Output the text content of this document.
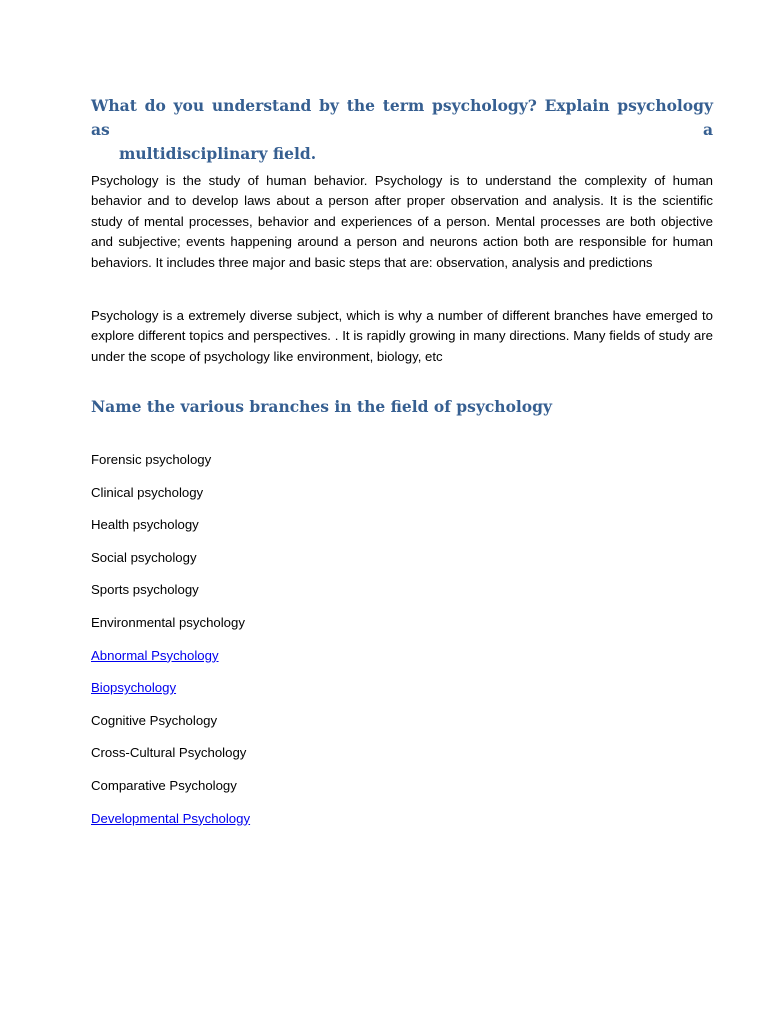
What do you understand by the term psychology? Explain psychology as a
multidisciplinary field.

Psychology is the study of human behavior. Psychology is to understand the complexity of human behavior and to develop laws about a person after proper observation and analysis. It is the scientific study of mental processes, behavior and experiences of a person. Mental processes are both objective and subjective; events happening around a person and neurons action both are responsible for human behaviors. It includes three major and basic steps that are: observation, analysis and predictions

Psychology is a extremely diverse subject, which is why a number of different branches have emerged to explore different topics and perspectives. . It is rapidly growing in many directions. Many fields of study are under the scope of psychology like environment, biology, etc

Name the various branches in the field of psychology
Forensic psychology
Clinical psychology
Health psychology
Social psychology
Sports psychology
Environmental psychology
Abnormal Psychology
Biopsychology
Cognitive Psychology
Cross-Cultural Psychology
Comparative Psychology
Developmental Psychology
